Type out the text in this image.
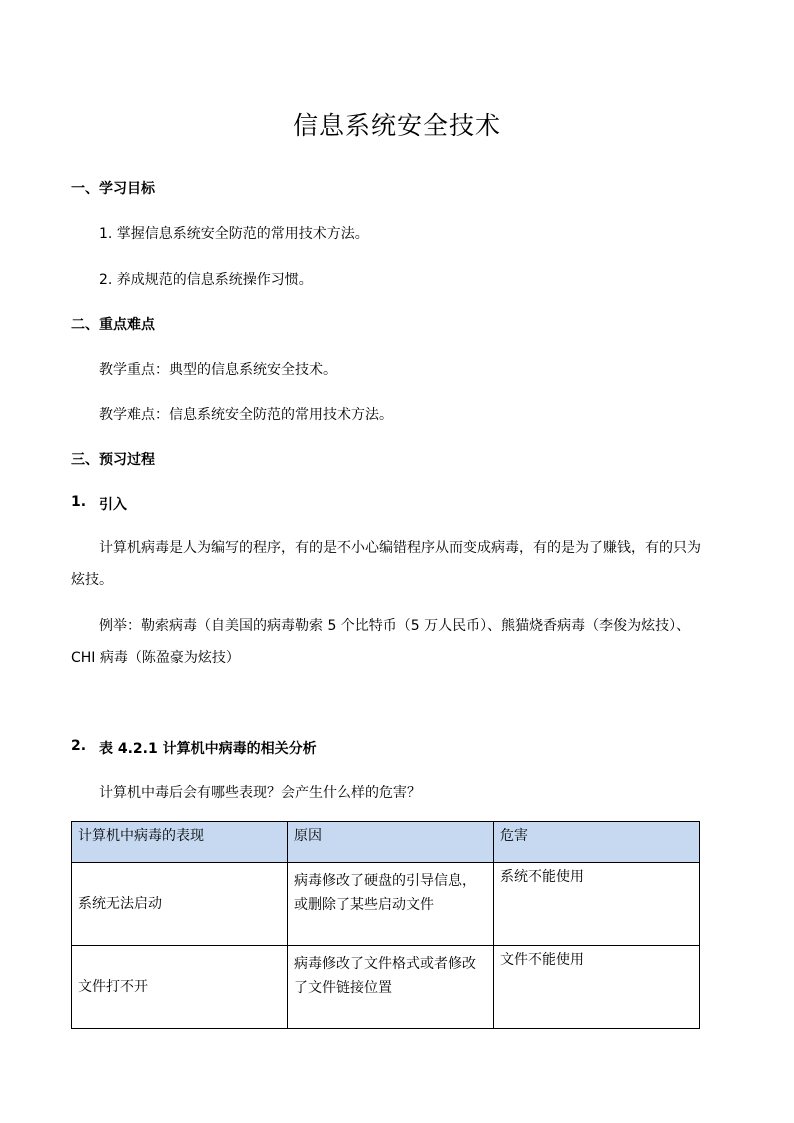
信息系统安全技术
一、学习目标
1. 掌握信息系统安全防范的常用技术方法。
2. 养成规范的信息系统操作习惯。
二、重点难点
教学重点：典型的信息系统安全技术。
教学难点：信息系统安全防范的常用技术方法。
三、预习过程
1. 引入
计算机病毒是人为编写的程序，有的是不小心编错程序从而变成病毒，有的是为了赚钱，有的只为炫技。
例举：勒索病毒（自美国的病毒勒索 5 个比特币（5 万人民币）、熊猫烧香病毒（李俊为炫技）、CHI 病毒（陈盈豪为炫技）
2. 表 4.2.1 计算机中病毒的相关分析
计算机中毒后会有哪些表现？会产生什么样的危害？
计算机中病毒的表现	原因	危害
系统无法启动	病毒修改了硬盘的引导信息，或删除了某些启动文件	系统不能使用
文件打不开	病毒修改了文件格式或者修改了文件链接位置	文件不能使用
